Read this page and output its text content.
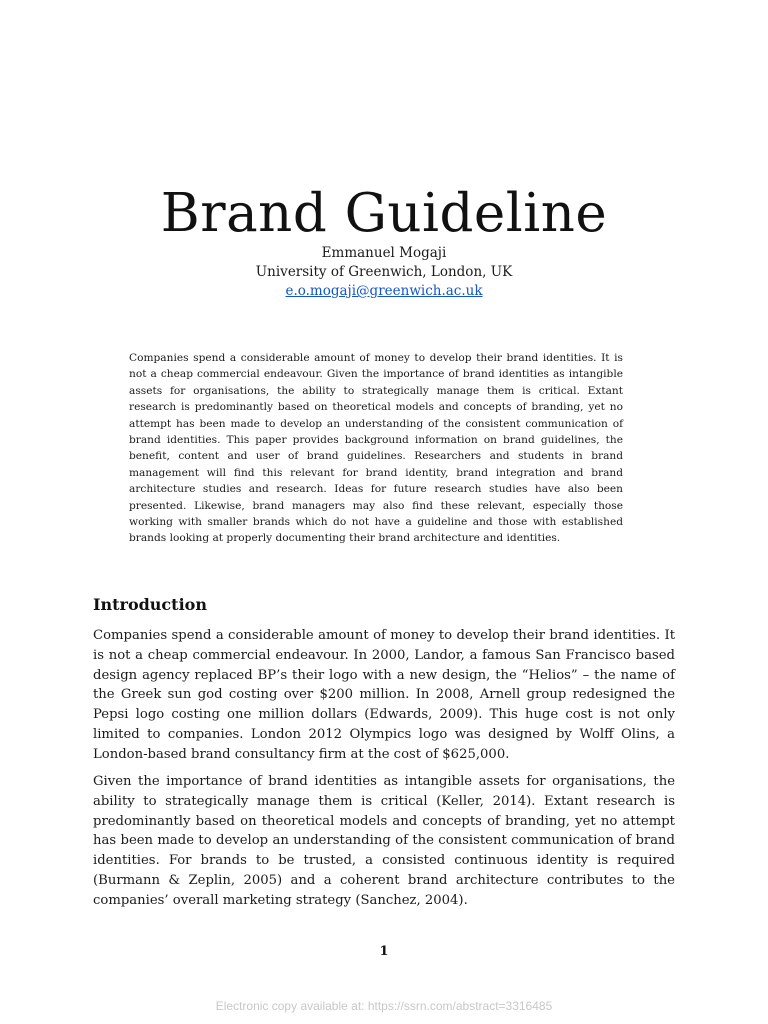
Brand Guideline
Emmanuel Mogaji
University of Greenwich, London, UK
e.o.mogaji@greenwich.ac.uk

Companies spend a considerable amount of money to develop their brand identities. It is not a cheap commercial endeavour. Given the importance of brand identities as intangible assets for organisations, the ability to strategically manage them is critical. Extant research is predominantly based on theoretical models and concepts of branding, yet no attempt has been made to develop an understanding of the consistent communication of brand identities. This paper provides background information on brand guidelines, the benefit, content and user of brand guidelines. Researchers and students in brand management will find this relevant for brand identity, brand integration and brand architecture studies and research. Ideas for future research studies have also been presented. Likewise, brand managers may also find these relevant, especially those working with smaller brands which do not have a guideline and those with established brands looking at properly documenting their brand architecture and identities.

Introduction

Companies spend a considerable amount of money to develop their brand identities. It is not a cheap commercial endeavour. In 2000, Landor, a famous San Francisco based design agency replaced BP’s their logo with a new design, the “Helios” – the name of the Greek sun god costing over $200 million. In 2008, Arnell group redesigned the Pepsi logo costing one million dollars (Edwards, 2009). This huge cost is not only limited to companies. London 2012 Olympics logo was designed by Wolff Olins, a London-based brand consultancy firm at the cost of $625,000.

Given the importance of brand identities as intangible assets for organisations, the ability to strategically manage them is critical (Keller, 2014). Extant research is predominantly based on theoretical models and concepts of branding, yet no attempt has been made to develop an understanding of the consistent communication of brand identities. For brands to be trusted, a consisted continuous identity is required (Burmann & Zeplin, 2005) and a coherent brand architecture contributes to the companies’ overall marketing strategy (Sanchez, 2004).

1
Electronic copy available at: https://ssrn.com/abstract=3316485
